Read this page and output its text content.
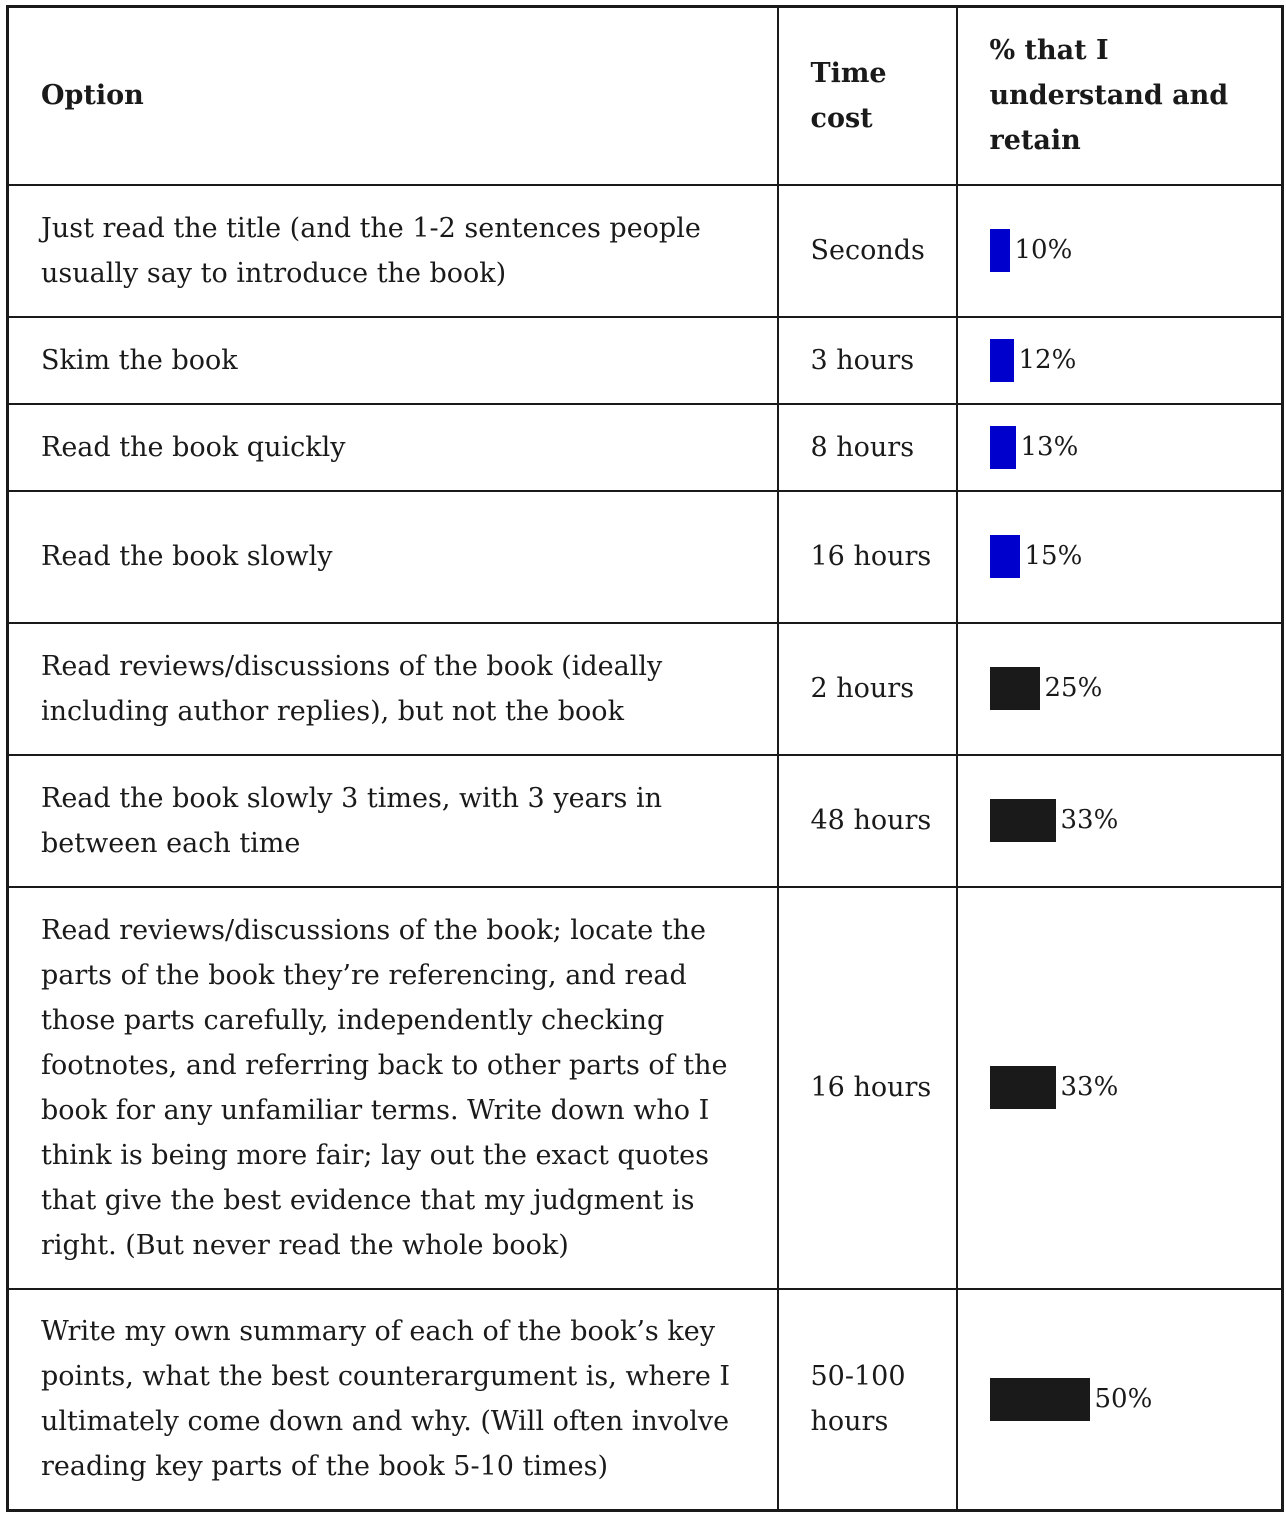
Option	Time cost	% that I understand and retain
Just read the title (and the 1-2 sentences people usually say to introduce the book)	Seconds	10%

Skim the book	3 hours	12%

Read the book quickly	8 hours	13%

Read the book slowly	16 hours	15%

Read reviews/discussions of the book (ideally including author replies), but not the book	2 hours	25%

Read the book slowly 3 times, with 3 years in between each time	48 hours	33%

Read reviews/discussions of the book; locate the parts of the book they’re referencing, and read those parts carefully, independently checking footnotes, and referring back to other parts of the book for any unfamiliar terms. Write down who I think is being more fair; lay out the exact quotes that give the best evidence that my judgment is right. (But never read the whole book)	16 hours	33%

Write my own summary of each of the book’s key points, what the best counterargument is, where I ultimately come down and why. (Will often involve reading key parts of the book 5-10 times)	50-100 hours	50%
